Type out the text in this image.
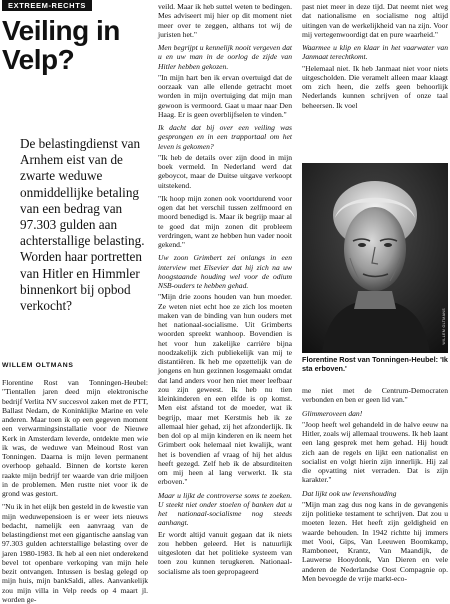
EXTREEM-RECHTS
Veiling in Velp?

De belastingdienst van Arnhem eist van de zwarte weduwe onmiddellijke betaling van een bedrag van 97.303 gulden aan achterstallige belasting. Worden haar portretten van Hitler en Himmler binnenkort bij opbod verkocht?

WILLEM OLTMANS

Florentine Rost van Tonningen-Heubel: "Tientallen jaren deed mijn elektronische bedrijf Verlita NV succesvol zaken met de PTT, Ballast Nedam, de Koninklijke Marine en vele anderen. Maar toen ik op een gegeven moment een verwarmingsinstallatie voor de Nieuwe Kerk in Amsterdam leverde, ontdekte men wie ik was, de weduwe van Meinoud Rost van Tonningen. Daarna is mijn leven permanent overhoop gehaald. Binnen de kortste keren raakte mijn bedrijf ter waarde van drie miljoen in de problemen. Men rustte niet voor ik de grond was gestort.

"Nu ik in het elijk ben gesteld in de kwestie van mijn weduwepensioen is er weer iets nieuws bedacht, namelijk een aanvraag van de belastingdienst met een gigantische aanslag van 97.303 gulden achterstallige belasting over de jaren 1980-1983. Ik heb al een niet onderekend bevel tot openbare verkoping van mijn hele bezit ontvangen. Intussen is beslag gelegd op mijn huis, mijn bankSaldi, alles. Aanvankelijk zou mijn villa in Velp reeds op 4 maart jl. worden ge-

veild. Maar ik heb suttel weten te bedingen. Mes adviseert mij hier op dit moment niet meer over te zeggen, althans tot wij de juristen het."

Men begrijpt u kennelijk nooit vergeven dat u en uw man in de oorlog de zijde van Hitler hebben gekozen.

"In mijn hart ben ik ervan overtuigd dat de oorzaak van alle ellende getracht moet worden in mijn overtuiging dat mijn man gewoon is vermoord. Gaat u maar naar Den Haag. Er is geen overblijfselen te vinden."

Ik dacht dat bij over een veiling was gesprongen en in een trapportaal om het leven is gekomen?

"Ik heb de details over zijn dood in mijn boek vermeld. In Nederland werd dat geboycot, maar de Duitse uitgave verkoopt uitstekend.

"Ik hoop mijn zonen ook voortdurend voor ogen dat het verschil tussen zelfmoord en moord benedigd is. Maar ik begrijp maar al te goed dat mijn zonen dit probleem verdringen, want ze hebben hun vader nooit gekend."

Uw zoon Grimbert zei onlangs in een interview met Elsevier dat hij zich na uw hoogstaande houding wel voor de odium NSB-ouders te hebben gehad.

"Mijn drie zoons houden van hun moeder. Ze weten niet echt hoe ze zich los moeten maken van de binding van hun ouders met het nationaal-socialisme. Uit Grimberts woorden spreekt wanhoop. Bovendien is het voor hun zakelijke carrière bijna noodzakelijk zich publiekelijk van mij te distantiëren. Ik heb me opzettelijk van de jongens en hun gezinnen losgemaakt omdat dat land anders voor hen niet meer leefbaar zou zijn geweest. Ik heb nu tien kleinkinderen en een elfde is op komst. Men eist afstand tot de moeder, wat ik begrijp, maar met Kerstmis heb ik ze allemaal hier gehad, zij het afzonderlijk. Ik ben dol op al mijn kinderen en ik neem het Grimbert ook helemaal niet kwalijk, want het is bovendien af vraag of hij het aldus heeft gezegd. Zelf heb ik de absurditeiten om mij heen al lang verwerkt. Ik sta erboven."

Maar u lijkt de controverse soms te zoeken. U steekt niet onder stoelen of banken dat u het nationaal-socialisme nog steeds aanhangt.

Er wordt altijd vanuit gegaan dat ik niets zou hebben geleerd. Het is natuurlijk uitgesloten dat het politieke systeem van toen zou kunnen terugkeren. Nationaal-socialisme als toen gepropageerd

past niet meer in deze tijd. Dat neemt niet weg dat nationalisme en socialisme nog altijd uitingen van de werkelijkheid van na zijn. Voor mij vertegenwoordigt dat en pure waarheid."

Waarmee u klip en klaar in het vaarwater van Janmaat terechtkomt.

"Helemaal niet. Ik heb Janmaat niet voor niets uitgescholden. Die veramelt alleen maar klaagt om zich heen, die zelfs geen behoorlijk Nederlands kunnen schrijven of onze taal beheersen. Ik voel

WILLEM OLTMANS
Florentine Rost van Tonningen-Heubel: 'Ik sta erboven.'

me niet met de Centrum-Democraten verbonden en ben er geen lid van."

Glimmeroveen dan!

"Joop heeft wel gehandeld in de halve eeuw na Hitler, zoals wij allemaal trouwens. Ik heb laant een lang gesprek met hem gehad. Hij houdt zich aan de regels en lijkt een nationalist en socialist en volgt hierin zijn innerlijk. Hij zal die opvatting niet verraden. Dat is zijn karakter."

Dat lijkt ook uw levenshouding

"Mijn man zag dus nog kans in de gevangenis zijn politieke testament te schrijven. Dat zou u moeten lezen. Het heeft zijn geldigheid en waarde behouden. In 1942 richtte hij immers met Vooi, Gips, Van Leeuwen Boomkamp, Ramboneet, Krantz, Van Maandijk, de Lauwerse Hooydonk, Van Dieren en vele anderen de Nederlandse Oost Compagnie op. Men bevoegde de vrije markt-eco-
